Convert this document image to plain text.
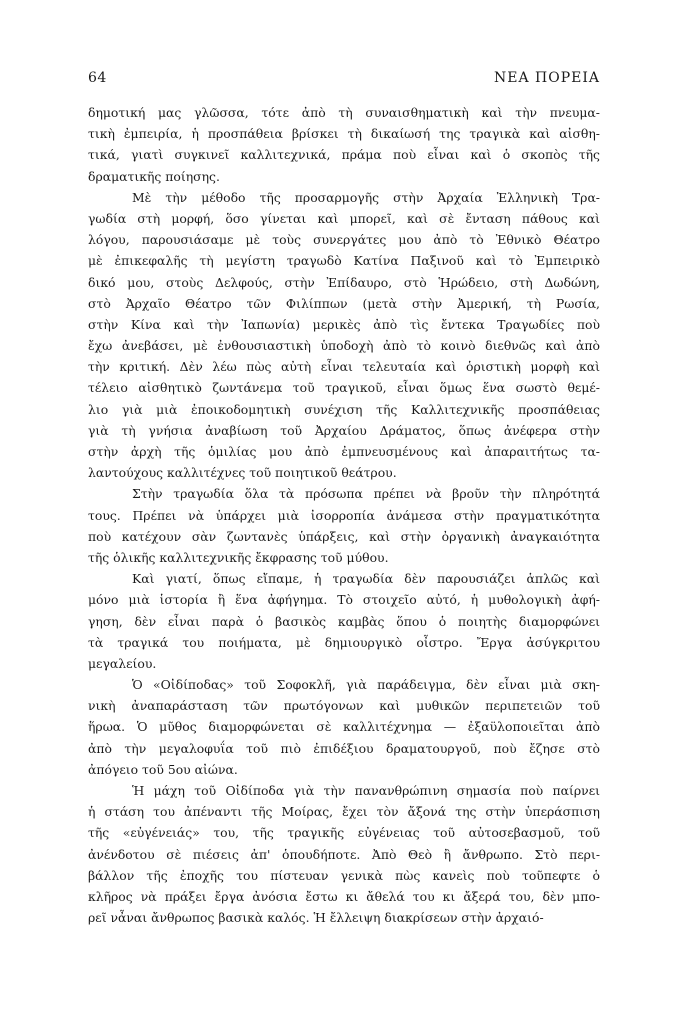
64	ΝΕΑ ΠΟΡΕΙΑ
δημοτική μας γλῶσσα, τότε ἀπὸ τὴ συναισθηματικὴ καὶ τὴν πνευμα-
τικὴ ἐμπειρία, ἡ προσπάθεια βρίσκει τὴ δικαίωσή της τραγικὰ καὶ αἰσθη-
τικά, γιατὶ συγκινεῖ καλλιτεχνικά, πράμα ποὺ εἶναι καὶ ὁ σκοπὸς τῆς
δραματικῆς ποίησης.
Μὲ τὴν μέθοδο τῆς προσαρμογῆς στὴν Ἀρχαία Ἑλληνικὴ Τρα-
γωδία στὴ μορφή, ὅσο γίνεται καὶ μπορεῖ, καὶ σὲ ἔνταση πάθους καὶ
λόγου, παρουσιάσαμε μὲ τοὺς συνεργάτες μου ἀπὸ τὸ Ἐθνικὸ Θέατρο
μὲ ἐπικεφαλῆς τὴ μεγίστη τραγωδὸ Κατίνα Παξινοῦ καὶ τὸ Ἐμπειρικὸ
δικό μου, στοὺς Δελφούς, στὴν Ἐπίδαυρο, στὸ Ἡρώδειο, στὴ Δωδώνη,
στὸ Ἀρχαῖο Θέατρο τῶν Φιλίππων (μετὰ στὴν Ἀμερική, τὴ Ρωσία,
στὴν Κίνα καὶ τὴν Ἰαπωνία) μερικὲς ἀπὸ τὶς ἔντεκα Τραγωδίες ποὺ
ἔχω ἀνεβάσει, μὲ ἐνθουσιαστικὴ ὑποδοχὴ ἀπὸ τὸ κοινὸ διεθνῶς καὶ ἀπὸ
τὴν κριτική. Δὲν λέω πὼς αὐτὴ εἶναι τελευταία καὶ ὁριστικὴ μορφὴ καὶ
τέλειο αἰσθητικὸ ζωντάνεμα τοῦ τραγικοῦ, εἶναι ὅμως ἕνα σωστὸ θεμέ-
λιο γιὰ μιὰ ἐποικοδομητικὴ συνέχιση τῆς Καλλιτεχνικῆς προσπάθειας
γιὰ τὴ γνήσια ἀναβίωση τοῦ Ἀρχαίου Δράματος, ὅπως ἀνέφερα στὴν
στὴν ἀρχὴ τῆς ὁμιλίας μου ἀπὸ ἐμπνευσμένους καὶ ἀπαραιτήτως τα-
λαντούχους καλλιτέχνες τοῦ ποιητικοῦ θεάτρου.
Στὴν τραγωδία ὅλα τὰ πρόσωπα πρέπει νὰ βροῦν τὴν πληρότητά
τους. Πρέπει νὰ ὑπάρχει μιὰ ἰσορροπία ἀνάμεσα στὴν πραγματικότητα
ποὺ κατέχουν σὰν ζωντανὲς ὑπάρξεις, καὶ στὴν ὀργανικὴ ἀναγκαιότητα
τῆς ὁλικῆς καλλιτεχνικῆς ἔκφρασης τοῦ μύθου.
Καὶ γιατί, ὅπως εἴπαμε, ἡ τραγωδία δὲν παρουσιάζει ἁπλῶς καὶ
μόνο μιὰ ἱστορία ἢ ἕνα ἀφήγημα. Τὸ στοιχεῖο αὐτό, ἡ μυθολογικὴ ἀφή-
γηση, δὲν εἶναι παρὰ ὁ βασικὸς καμβὰς ὅπου ὁ ποιητὴς διαμορφώνει
τὰ τραγικά του ποιήματα, μὲ δημιουργικὸ οἶστρο. Ἔργα ἀσύγκριτου
μεγαλείου.
Ὁ «Οἰδίποδας» τοῦ Σοφοκλῆ, γιὰ παράδειγμα, δὲν εἶναι μιὰ σκη-
νικὴ ἀναπαράσταση τῶν πρωτόγονων καὶ μυθικῶν περιπετειῶν τοῦ
ἥρωα. Ὁ μῦθος διαμορφώνεται σὲ καλλιτέχνημα — ἐξαϋλοποιεῖται ἀπὸ
ἀπὸ τὴν μεγαλοφυΐα τοῦ πιὸ ἐπιδέξιου δραματουργοῦ, ποὺ ἔζησε στὸ
ἀπόγειο τοῦ 5ου αἰώνα.
Ἡ μάχη τοῦ Οἰδίποδα γιὰ τὴν πανανθρώπινη σημασία ποὺ παίρνει
ἡ στάση του ἀπέναντι τῆς Μοίρας, ἔχει τὸν ἄξονά της στὴν ὑπεράσπιση
τῆς «εὐγένειάς» του, τῆς τραγικῆς εὐγένειας τοῦ αὐτοσεβασμοῦ, τοῦ
ἀνένδοτου σὲ πιέσεις ἀπ' ὁπουδήποτε. Ἀπὸ Θεὸ ἢ ἄνθρωπο. Στὸ περι-
βάλλον τῆς ἐποχῆς του πίστευαν γενικὰ πὼς κανεὶς ποὺ τοῦπεφτε ὁ
κλῆρος νὰ πράξει ἔργα ἀνόσια ἔστω κι ἄθελά του κι ἄξερά του, δὲν μπο-
ρεῖ νἆναι ἄνθρωπος βασικὰ καλός. Ἡ ἔλλειψη διακρίσεων στὴν ἀρχαιό-
